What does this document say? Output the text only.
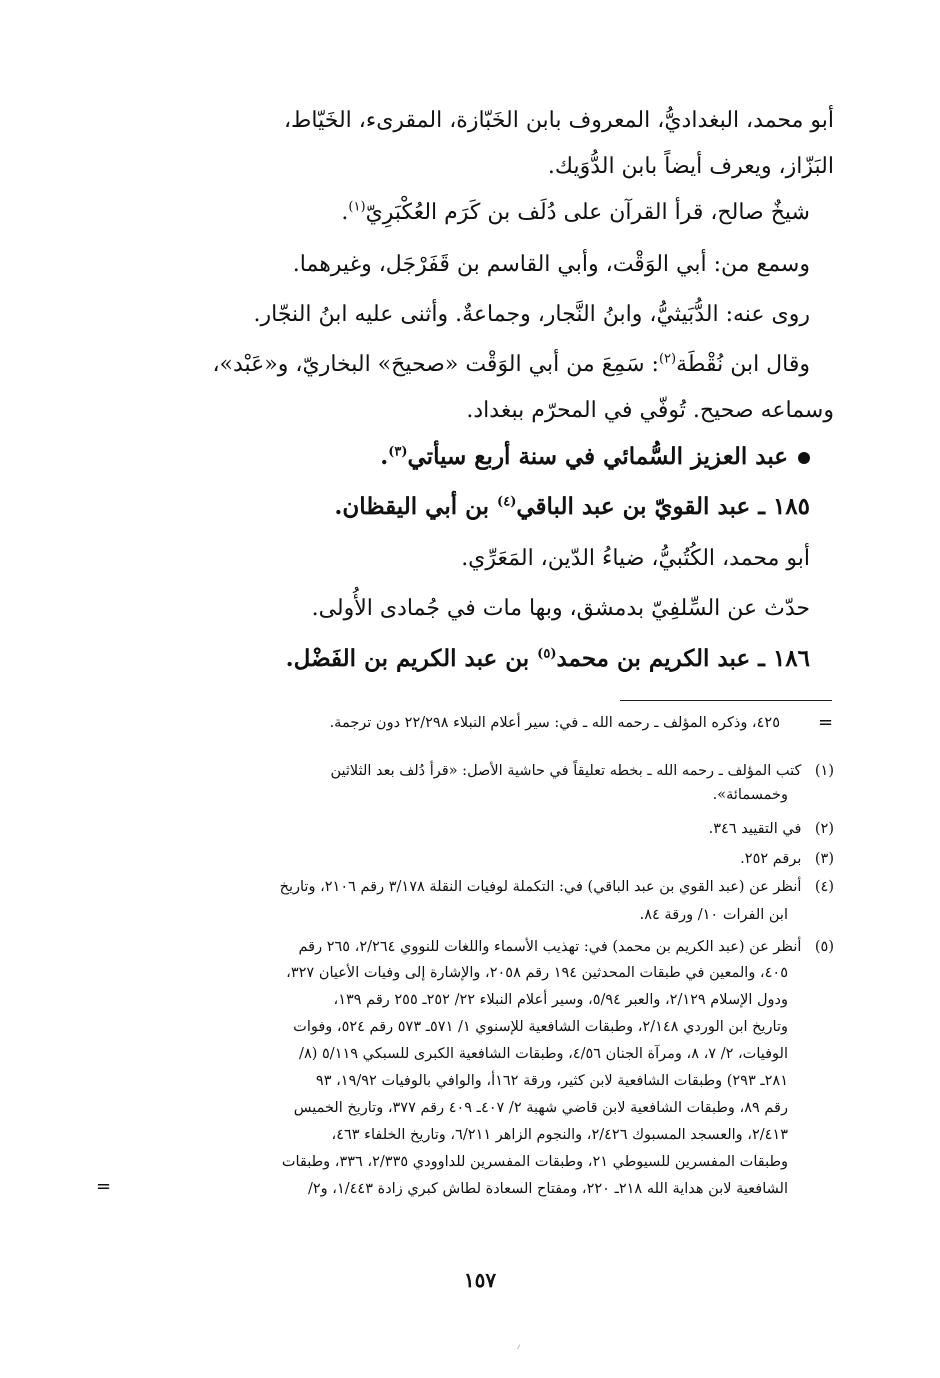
أبو محمد، البغداديُّ، المعروف بابن الخَبّازة، المقرىء، الخَيّاط،
البَزّاز، ويعرف أيضاً بابن الدُّوَيك.
شيخٌ صالح، قرأ القرآن على دُلَف بن كَرَم العُكْبَرِيّ$^{(١)}$.
وسمع من: أبي الوَقْت، وأبي القاسم بن قَفَرْجَل، وغيرهما.
روى عنه: الدُّبَيثيُّ، وابنُ النَّجار، وجماعةٌ. وأثنى عليه ابنُ النجّار.
وقال ابن نُقْطَة$^{(٢)}$: سَمِعَ من أبي الوَقْت «صحيحَ» البخاريّ، و«عَبْد»،
وسماعه صحيح. تُوفّي في المحرّم ببغداد.
عبد العزيز السُّمائي في سنة أربع سيأتي$^{(٣)}$.
١٨٥ ـ عبد القويّ بن عبد الباقي$^{(٤)}$ بن أبي اليقظان.
أبو محمد، الكُتُبيُّ، ضياءُ الدّين، المَعَرِّي.
حدّث عن السِّلفِيّ بدمشق، وبها مات في جُمادى الأُولى.
١٨٦ ـ عبد الكريم بن محمد$^{(٥)}$ بن عبد الكريم بن الفَضْل.
=
٤٢٥، وذكره المؤلف ـ رحمه الله ـ في: سير أعلام النبلاء ٢٢/٢٩٨ دون ترجمة.
(١) كتب المؤلف ـ رحمه الله ـ بخطه تعليقاً في حاشية الأصل: «قرأ دُلف بعد الثلاثين
وخمسمائة».
(٢) في التقييد ٣٤٦.
(٣) برقم ٢٥٢.
(٤) أنظر عن (عبد القوي بن عبد الباقي) في: التكملة لوفيات النقلة ٣/١٧٨ رقم ٢١٠٦، وتاريخ
ابن الفرات ١٠/ ورقة ٨٤.
(٥) أنظر عن (عبد الكريم بن محمد) في: تهذيب الأسماء واللغات للنووي ٢/٢٦٤، ٢٦٥ رقم
٤٠٥، والمعين في طبقات المحدثين ١٩٤ رقم ٢٠٥٨، والإشارة إلى وفيات الأعيان ٣٢٧،
ودول الإسلام ٢/١٢٩، والعبر ٥/٩٤، وسير أعلام النبلاء ٢٢/ ٢٥٢ـ ٢٥٥ رقم ١٣٩،
وتاريخ ابن الوردي ٢/١٤٨، وطبقات الشافعية للإسنوي ١/ ٥٧١ـ ٥٧٣ رقم ٥٢٤، وفوات
الوفيات، ٢/ ٧، ٨، ومرآة الجنان ٤/٥٦، وطبقات الشافعية الكبرى للسبكي ٥/١١٩ (٨/
٢٨١ـ ٢٩٣) وطبقات الشافعية لابن كثير، ورقة ١٦٢أ، والوافي بالوفيات ١٩/٩٢، ٩٣
رقم ٨٩، وطبقات الشافعية لابن قاضي شهبة ٢/ ٤٠٧ـ ٤٠٩ رقم ٣٧٧، وتاريخ الخميس
٢/٤١٣، والعسجد المسبوك ٢/٤٢٦، والنجوم الزاهر ٦/٢١١، وتاريخ الخلفاء ٤٦٣،
وطبقات المفسرين للسيوطي ٢١، وطبقات المفسرين للداوودي ٢/٣٣٥، ٣٣٦، وطبقات
الشافعية لابن هداية الله ٢١٨ـ ٢٢٠، ومفتاح السعادة لطاش كبري زادة ١/٤٤٣، و٢/
=
١٥٧
